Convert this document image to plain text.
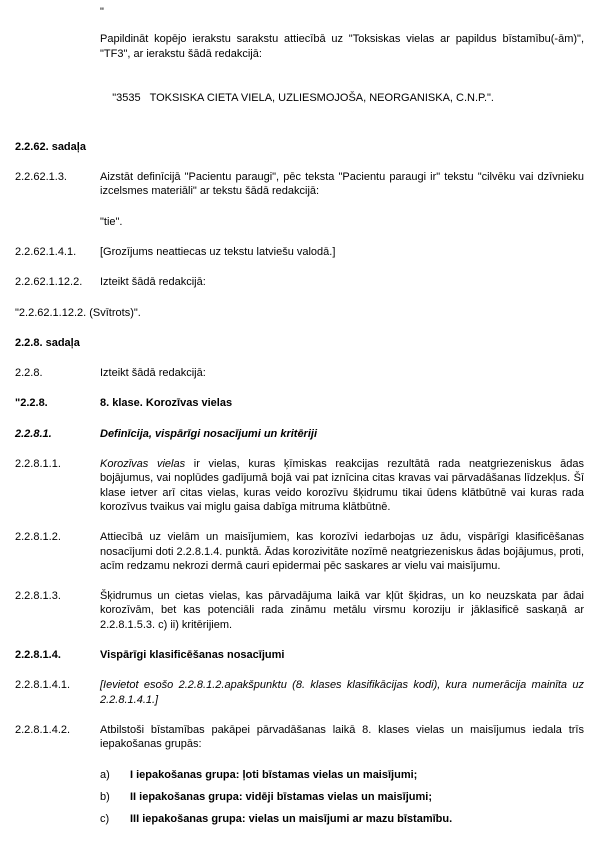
"
Papildināt kopējo ierakstu sarakstu attiecībā uz "Toksiskas vielas ar papildus bīstamību(-ām)", "TF3", ar ierakstu šādā redakcijā:

"3535   TOKSISKA CIETA VIELA, UZLIESMOJOŠA, NEORGANISKA, C.N.P.".

2.2.62. sadaļa
2.2.62.1.3.	Aizstāt definīcijā "Pacientu paraugi", pēc teksta "Pacientu paraugi ir" tekstu "cilvēku vai dzīvnieku izcelsmes materiāli" ar tekstu šādā redakcijā:
"tie".
2.2.62.1.4.1.	[Grozījums neattiecas uz tekstu latviešu valodā.]
2.2.62.1.12.2.	Izteikt šādā redakcijā:
"2.2.62.1.12.2. (Svītrots)".
2.2.8. sadaļa
2.2.8.	Izteikt šādā redakcijā:
"2.2.8.	8. klase. Korozīvas vielas
2.2.8.1.	Definīcija, vispārīgi nosacījumi un kritēriji
2.2.8.1.1.	Korozīvas vielas ir vielas, kuras ķīmiskas reakcijas rezultātā rada neatgriezeniskus ādas bojājumus, vai noplūdes gadījumā bojā vai pat iznīcina citas kravas vai pārvadāšanas līdzekļus. Šī klase ietver arī citas vielas, kuras veido korozīvu šķidrumu tikai ūdens klātbūtnē vai kuras rada korozīvus tvaikus vai miglu gaisa dabīga mitruma klātbūtnē.
2.2.8.1.2.	Attiecībā uz vielām un maisījumiem, kas korozīvi iedarbojas uz ādu, vispārīgi klasificēšanas nosacījumi doti 2.2.8.1.4. punktā. Ādas korozivitāte nozīmē neatgriezeniskus ādas bojājumus, proti, acīm redzamu nekrozi dermā cauri epidermai pēc saskares ar vielu vai maisījumu.
2.2.8.1.3.	Šķidrumus un cietas vielas, kas pārvadājuma laikā var kļūt šķidras, un ko neuzskata par ādai korozīvām, bet kas potenciāli rada zināmu metālu virsmu koroziju ir jāklasificē saskaņā ar 2.2.8.1.5.3. c) ii) kritērijiem.
2.2.8.1.4.	Vispārīgi klasificēšanas nosacījumi
2.2.8.1.4.1.	[Ievietot esošo 2.2.8.1.2.apakšpunktu (8. klases klasifikācijas kodi), kura numerācija mainīta uz 2.2.8.1.4.1.]
2.2.8.1.4.2.	Atbilstoši bīstamības pakāpei pārvadāšanas laikā 8. klases vielas un maisījumus iedala trīs iepakošanas grupās:
a)	I iepakošanas grupa: ļoti bīstamas vielas un maisījumi;
b)	II iepakošanas grupa: vidēji bīstamas vielas un maisījumi;
c)	III iepakošanas grupa: vielas un maisījumi ar mazu bīstamību.
